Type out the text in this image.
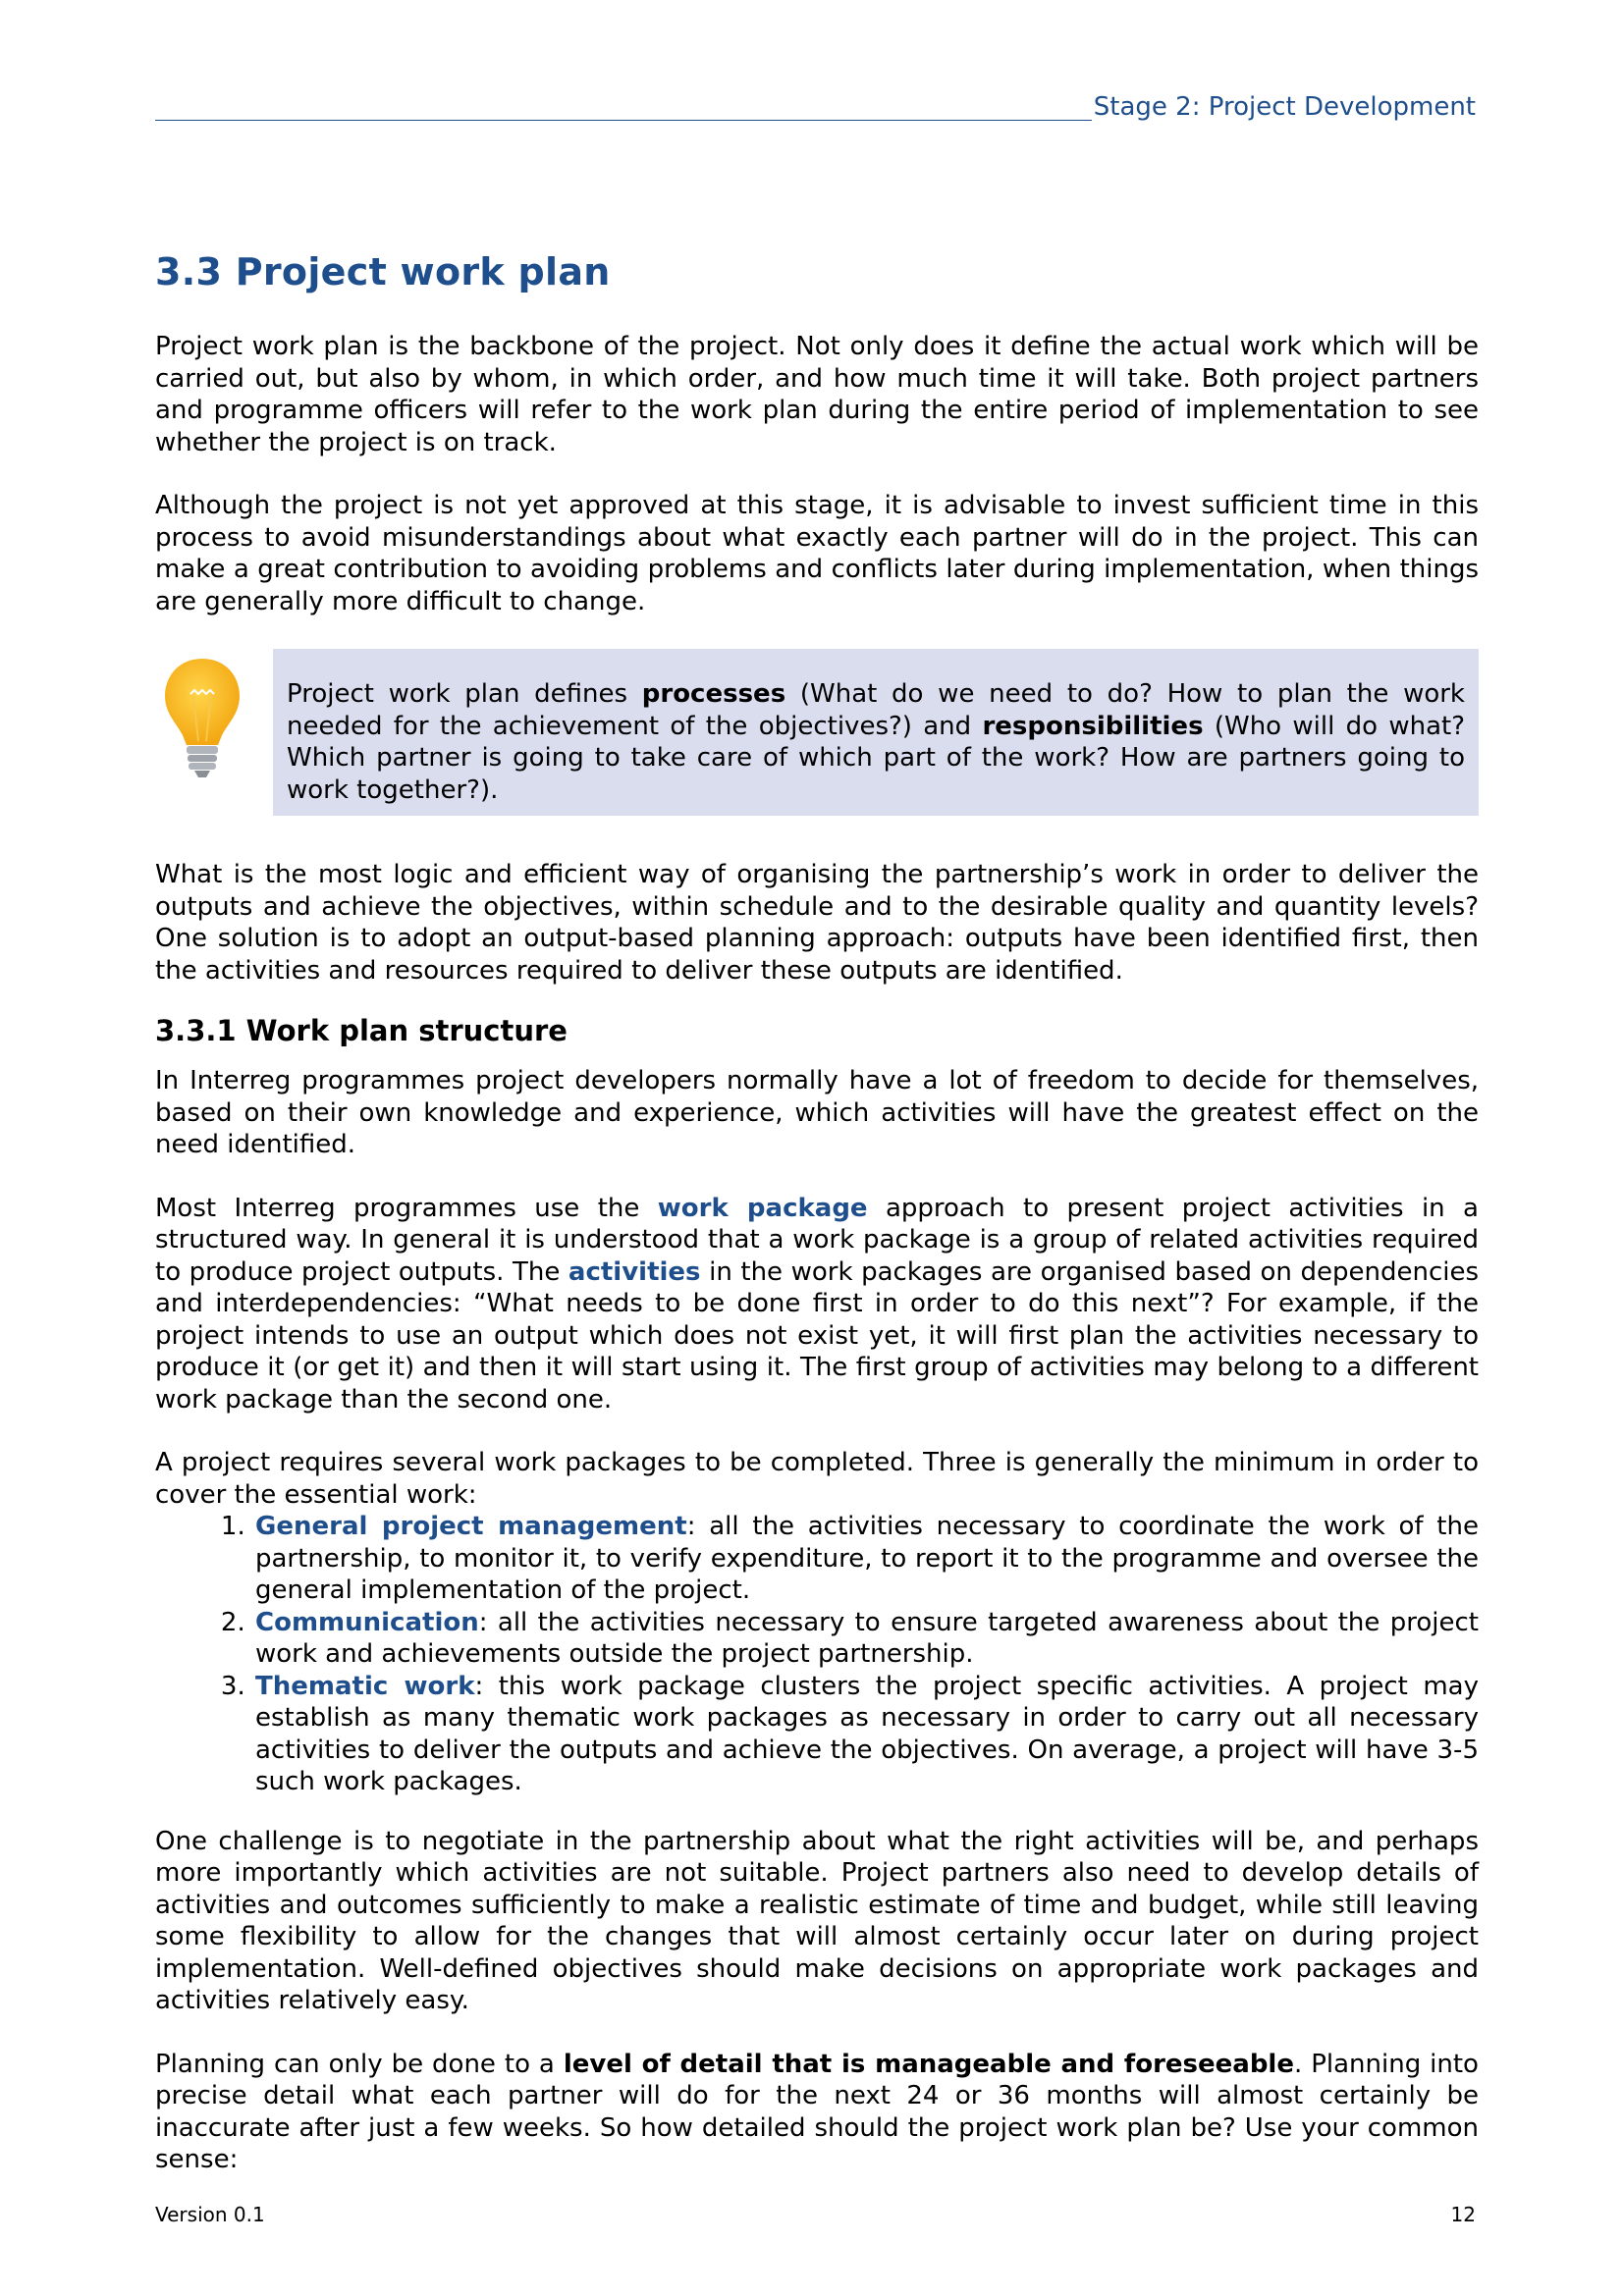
Stage 2: Project Development
3.3 Project work plan

Project work plan is the backbone of the project. Not only does it define the actual work which will be carried out, but also by whom, in which order, and how much time it will take. Both project partners and programme officers will refer to the work plan during the entire period of implementation to see whether the project is on track.

Although the project is not yet approved at this stage, it is advisable to invest sufficient time in this process to avoid misunderstandings about what exactly each partner will do in the project. This can make a great contribution to avoiding problems and conflicts later during implementation, when things are generally more difficult to change.

Project work plan defines processes (What do we need to do? How to plan the work needed for the achievement of the objectives?) and responsibilities (Who will do what? Which partner is going to take care of which part of the work? How are partners going to work together?).

What is the most logic and efficient way of organising the partnership’s work in order to deliver the outputs and achieve the objectives, within schedule and to the desirable quality and quantity levels? One solution is to adopt an output-based planning approach: outputs have been identified first, then the activities and resources required to deliver these outputs are identified.

3.3.1 Work plan structure

In Interreg programmes project developers normally have a lot of freedom to decide for themselves, based on their own knowledge and experience, which activities will have the greatest effect on the need identified.

Most Interreg programmes use the work package approach to present project activities in a structured way. In general it is understood that a work package is a group of related activities required to produce project outputs. The activities in the work packages are organised based on dependencies and interdependencies: “What needs to be done first in order to do this next”? For example, if the project intends to use an output which does not exist yet, it will first plan the activities necessary to produce it (or get it) and then it will start using it. The first group of activities may belong to a different work package than the second one.

A project requires several work packages to be completed. Three is generally the minimum in order to cover the essential work:

1. General project management: all the activities necessary to coordinate the work of the partnership, to monitor it, to verify expenditure, to report it to the programme and oversee the general implementation of the project.
2. Communication: all the activities necessary to ensure targeted awareness about the project work and achievements outside the project partnership.
3. Thematic work: this work package clusters the project specific activities. A project may establish as many thematic work packages as necessary in order to carry out all necessary activities to deliver the outputs and achieve the objectives. On average, a project will have 3-5 such work packages.

One challenge is to negotiate in the partnership about what the right activities will be, and perhaps more importantly which activities are not suitable. Project partners also need to develop details of activities and outcomes sufficiently to make a realistic estimate of time and budget, while still leaving some flexibility to allow for the changes that will almost certainly occur later on during project implementation. Well-defined objectives should make decisions on appropriate work packages and activities relatively easy.

Planning can only be done to a level of detail that is manageable and foreseeable. Planning into precise detail what each partner will do for the next 24 or 36 months will almost certainly be inaccurate after just a few weeks. So how detailed should the project work plan be? Use your common sense:

Version 0.1	12
